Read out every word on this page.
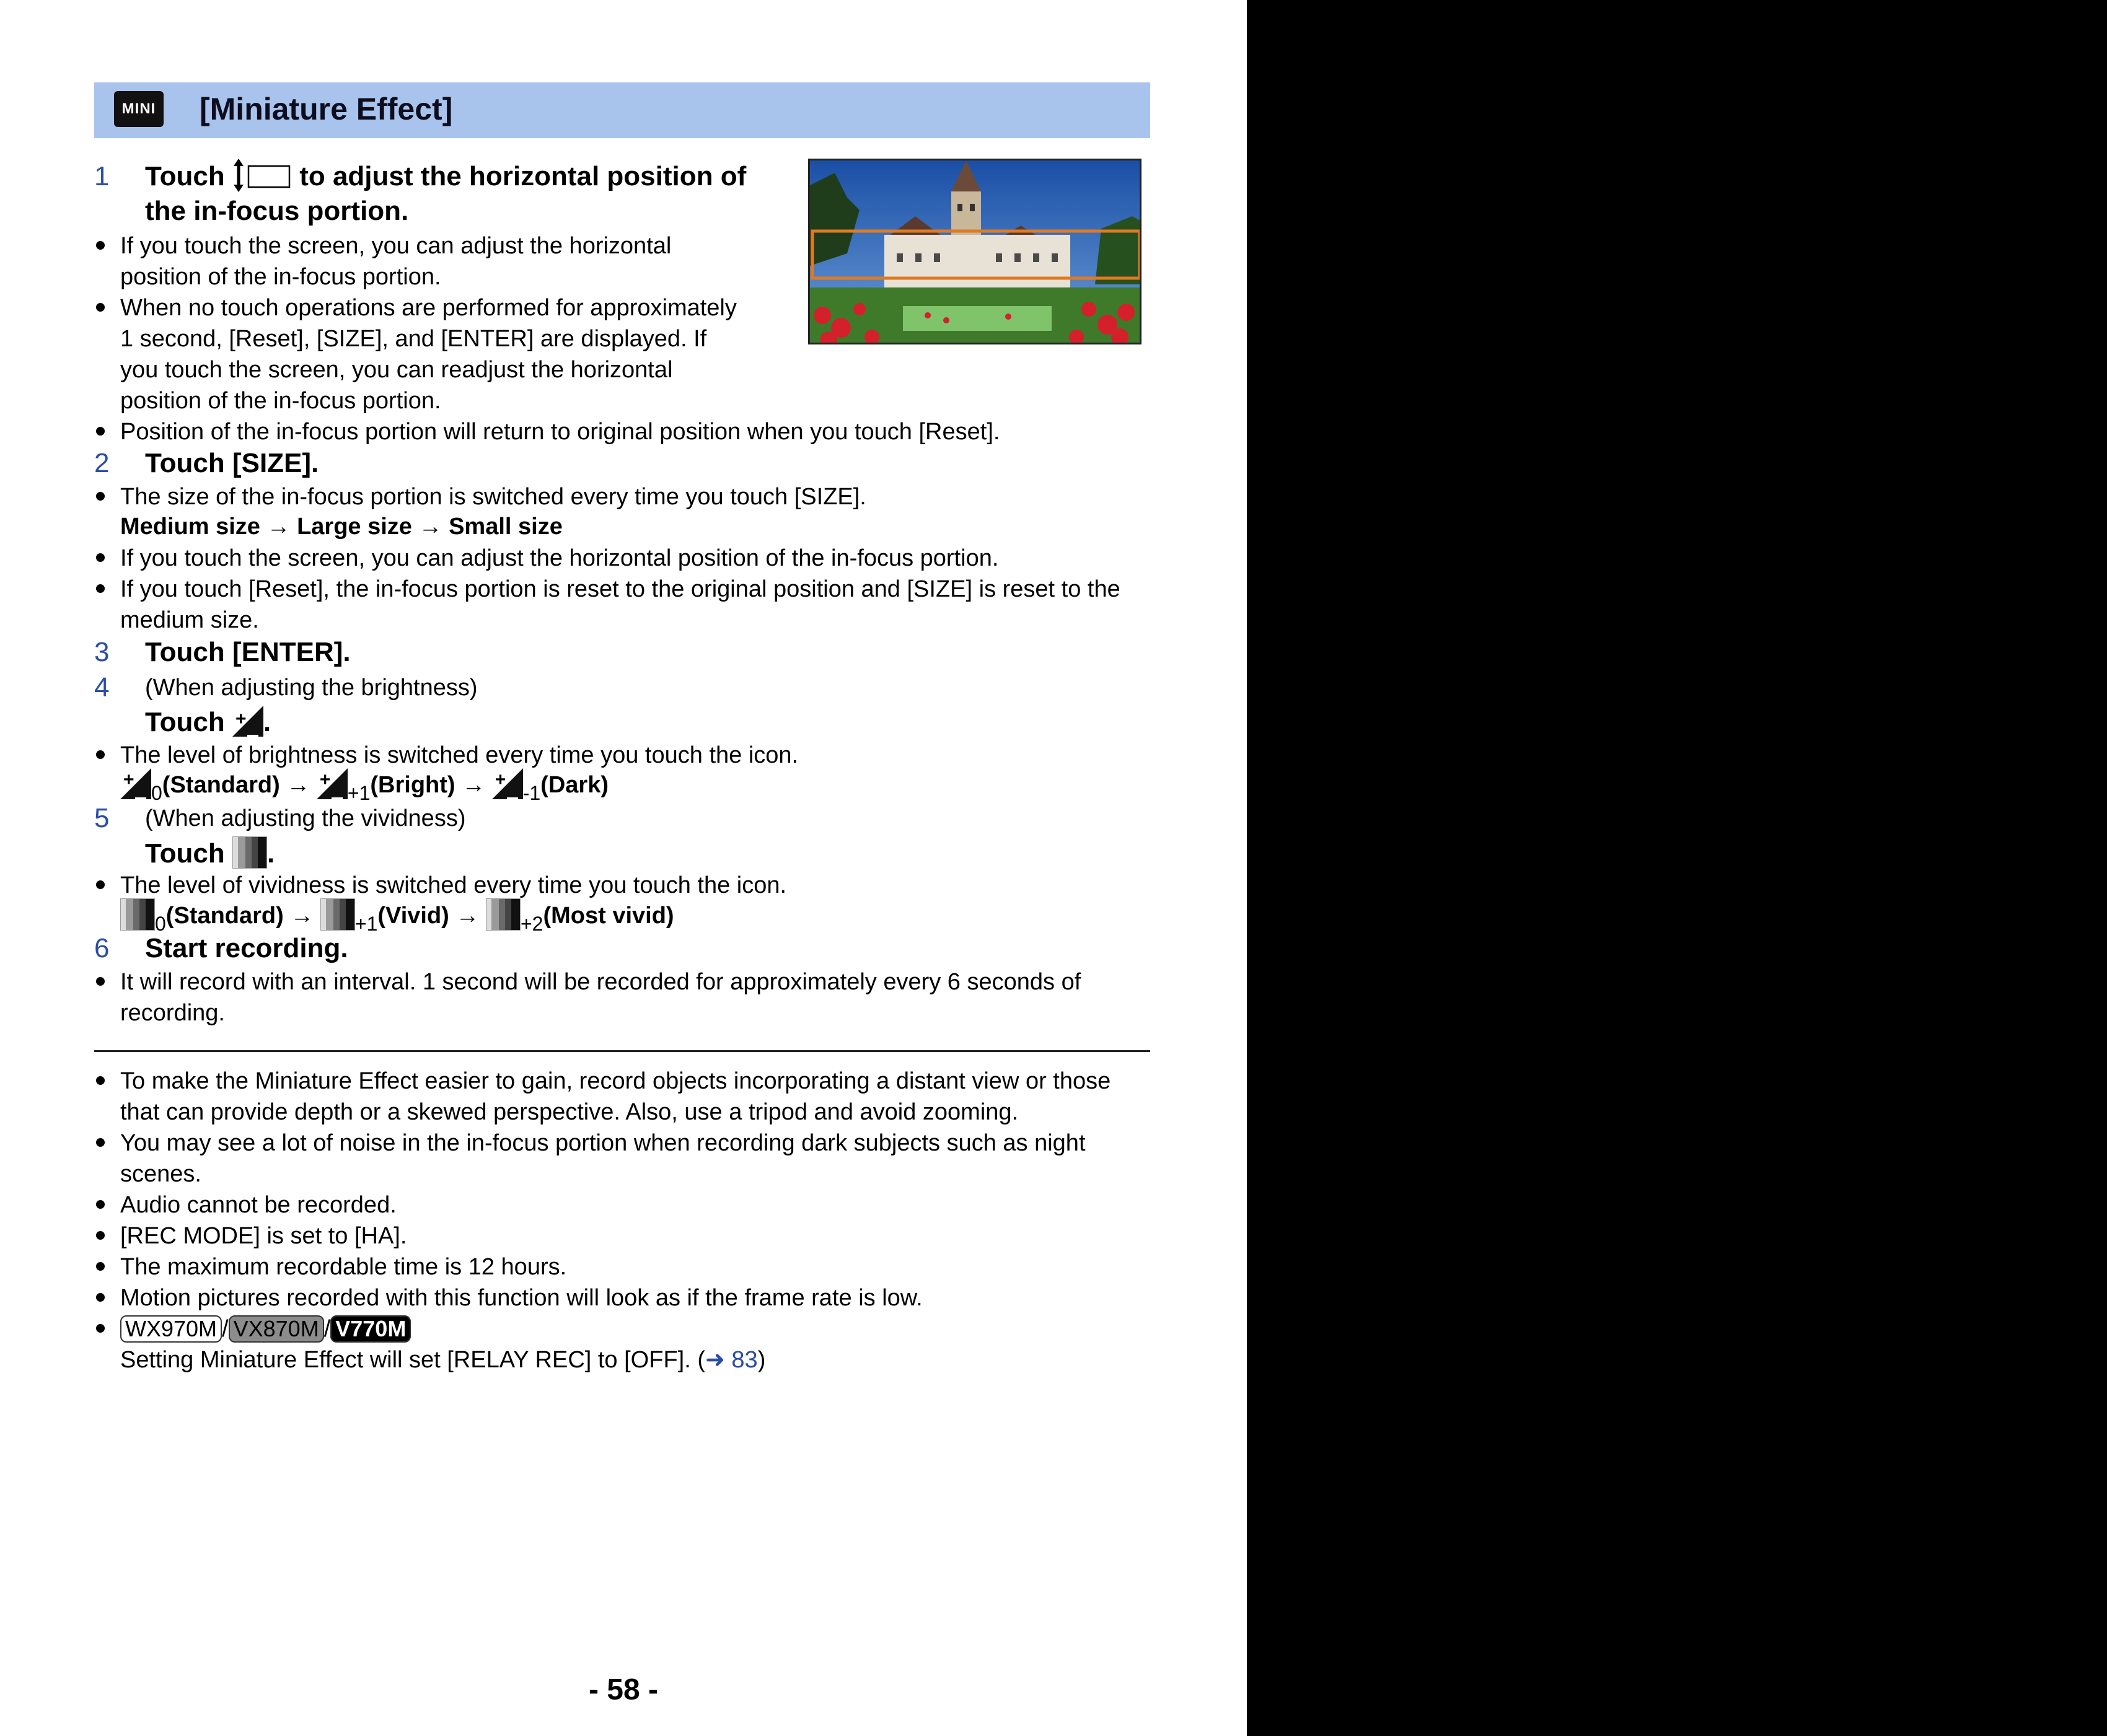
MINI [Miniature Effect]
1 Touch	to adjust the horizontal position of
the in-focus portion.
If you touch the screen, you can adjust the horizontal
position of the in-focus portion.
When no touch operations are performed for approximately
1 second, [Reset], [SIZE], and [ENTER] are displayed. If
you touch the screen, you can readjust the horizontal
position of the in-focus portion.
Position of the in-focus portion will return to original position when you touch [Reset].
2 Touch [SIZE].
The size of the in-focus portion is switched every time you touch [SIZE].
Medium size → Large size → Small size
If you touch the screen, you can adjust the horizontal position of the in-focus portion.
If you touch [Reset], the in-focus portion is reset to the original position and [SIZE] is reset to the
medium size.
3 Touch [ENTER].
4 (When adjusting the brightness)
Touch + .
The level of brightness is switched every time you touch the icon.
+
$_0$(Standard) → +
$_{+1}$(Bright) → +
$_{-1}$(Dark)
5 (When adjusting the vividness)
Touch .
The level of vividness is switched every time you touch the icon.
$_0$(Standard) → $_{+1}$(Vivid) → $_{+2}$(Most vivid)
6 Start recording.
It will record with an interval. 1 second will be recorded for approximately every 6 seconds of
recording.
To make the Miniature Effect easier to gain, record objects incorporating a distant view or those
that can provide depth or a skewed perspective. Also, use a tripod and avoid zooming.
You may see a lot of noise in the in-focus portion when recording dark subjects such as night
scenes.
Audio cannot be recorded.
[REC MODE] is set to [HA].
The maximum recordable time is 12 hours.
Motion pictures recorded with this function will look as if the frame rate is low.
WX970M / VX870M / V770M
Setting Miniature Effect will set [RELAY REC] to [OFF]. (➜ 83)
- 58 -
